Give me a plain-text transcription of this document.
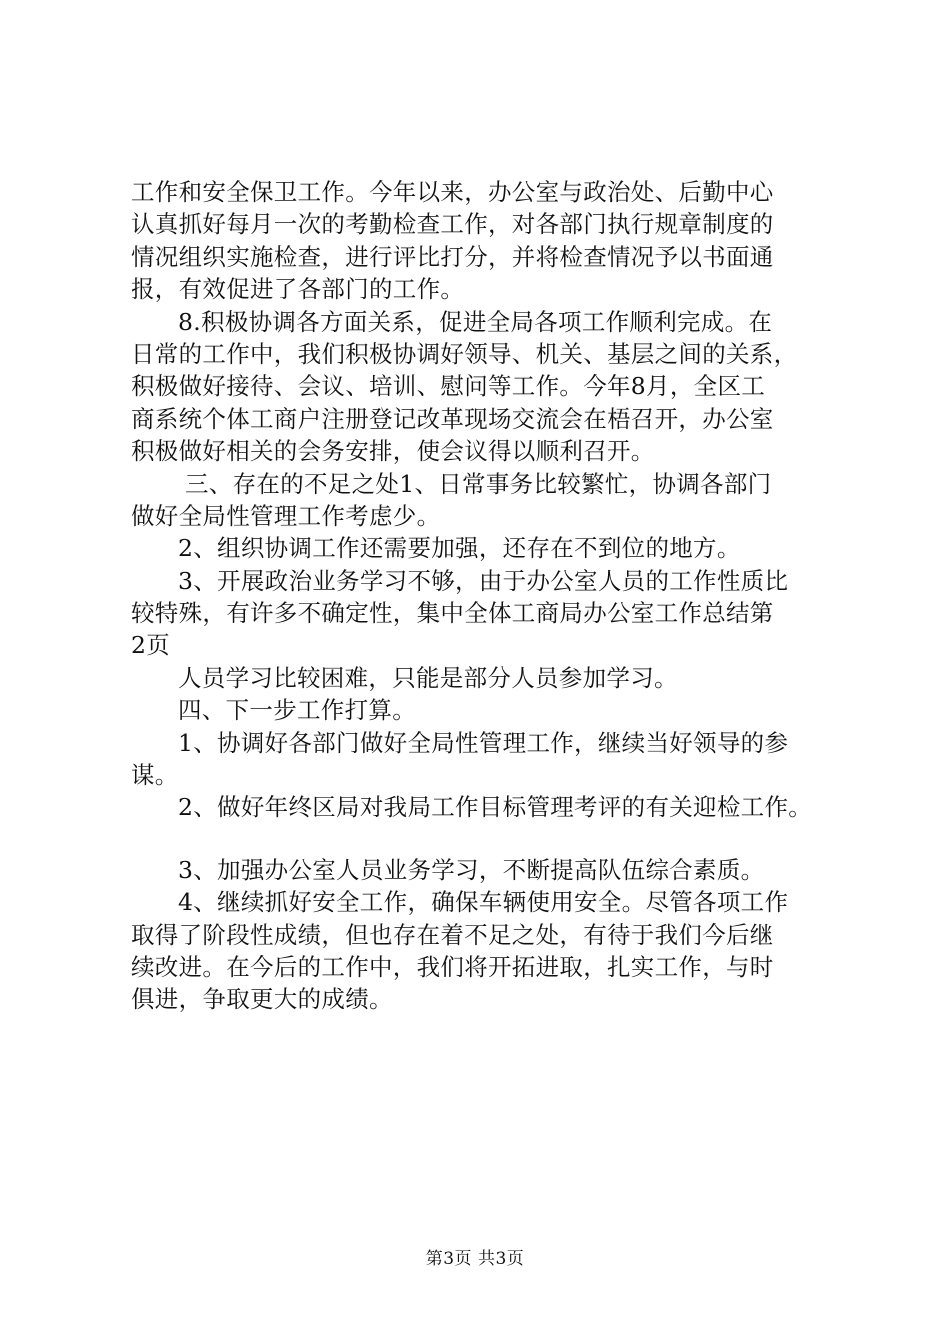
工作和安全保卫工作。今年以来，办公室与政治处、后勤中心
认真抓好每月一次的考勤检查工作，对各部门执行规章制度的
情况组织实施检查，进行评比打分，并将检查情况予以书面通
报，有效促进了各部门的工作。
8.积极协调各方面关系，促进全局各项工作顺利完成。在
日常的工作中，我们积极协调好领导、机关、基层之间的关系，
积极做好接待、会议、培训、慰问等工作。今年8月，全区工
商系统个体工商户注册登记改革现场交流会在梧召开，办公室
积极做好相关的会务安排，使会议得以顺利召开。
三、存在的不足之处1、日常事务比较繁忙，协调各部门
做好全局性管理工作考虑少。
2、组织协调工作还需要加强，还存在不到位的地方。
3、开展政治业务学习不够，由于办公室人员的工作性质比
较特殊，有许多不确定性，集中全体工商局办公室工作总结第
2页
人员学习比较困难，只能是部分人员参加学习。
四、下一步工作打算。
1、协调好各部门做好全局性管理工作，继续当好领导的参
谋。
2、做好年终区局对我局工作目标管理考评的有关迎检工作。
3、加强办公室人员业务学习，不断提高队伍综合素质。
4、继续抓好安全工作，确保车辆使用安全。尽管各项工作
取得了阶段性成绩，但也存在着不足之处，有待于我们今后继
续改进。在今后的工作中，我们将开拓进取，扎实工作，与时
俱进，争取更大的成绩。
第3页 共3页
